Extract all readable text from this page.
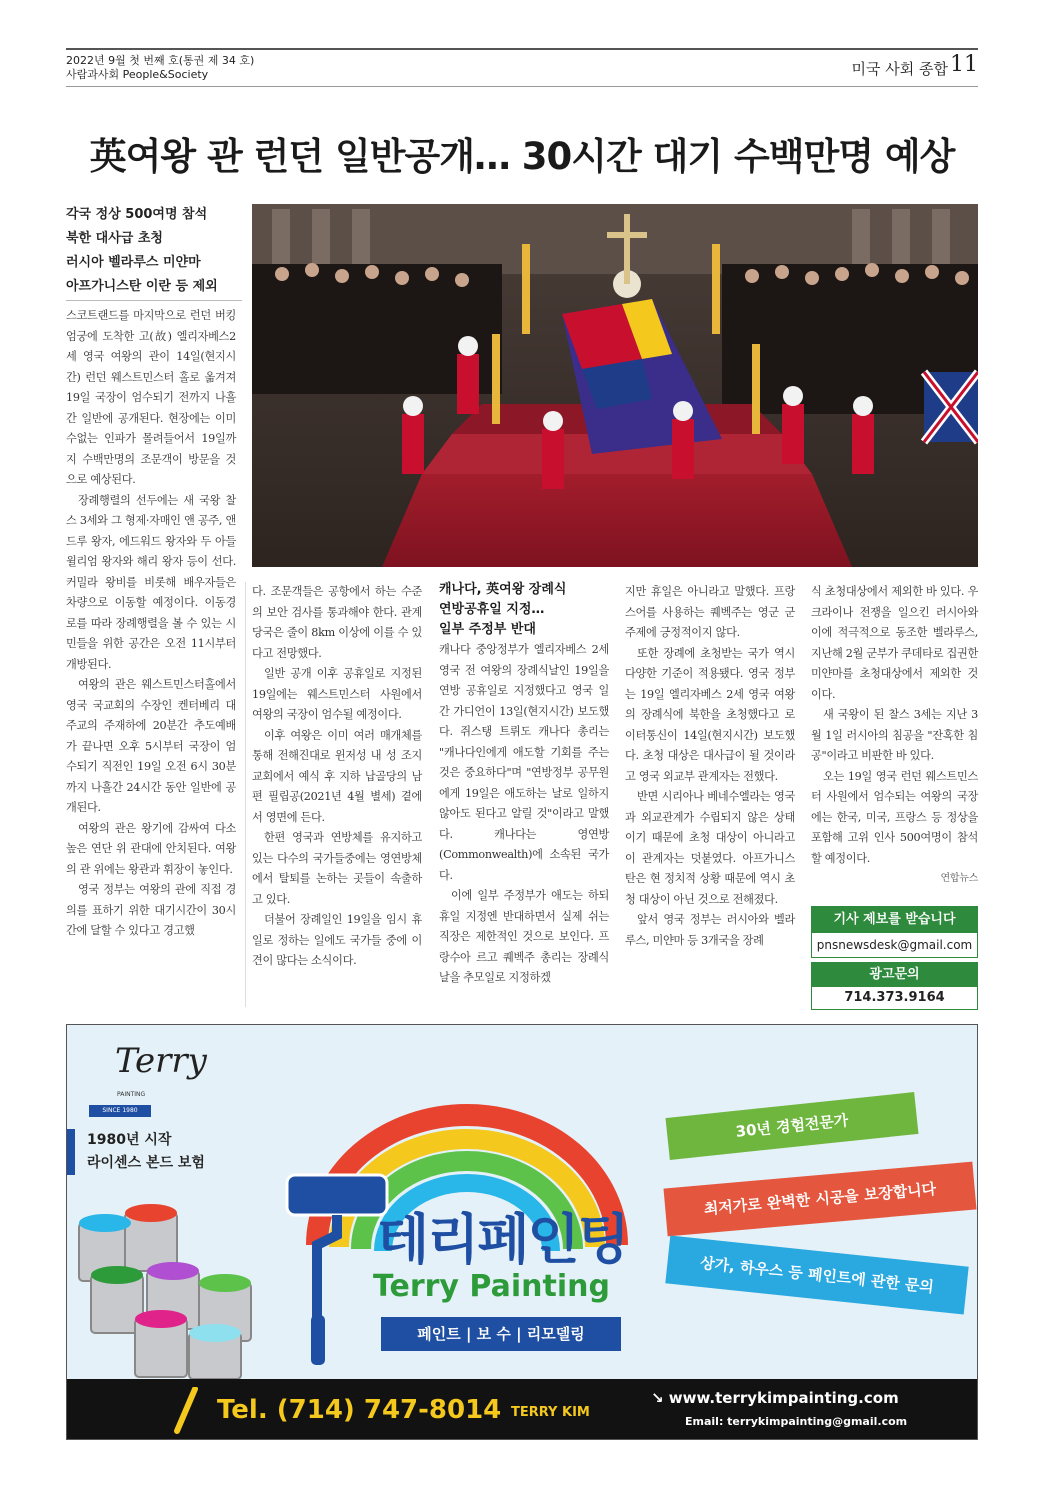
2022년 9월 첫 번째 호(통권 제 34 호)
사람과사회 People&Society	미국 사회 종합 11
英여왕 관 런던 일반공개… 30시간 대기 수백만명 예상
각국 정상 500여명 참석
북한 대사급 초청
러시아 벨라루스 미얀마
아프가니스탄 이란 등 제외

스코트랜드를 마지막으로 런던 버킹엄궁에 도착한 고(故) 엘리자베스2세 영국 여왕의 관이 14일(현지시간) 런던 웨스트민스터 홀로 옮겨져 19일 국장이 엄수되기 전까지 나흘간 일반에 공개된다. 현장에는 이미 수없는 인파가 몰려들어서 19일까지 수백만명의 조문객이 방문을 것으로 예상된다.

장례행렬의 선두에는 새 국왕 찰스 3세와 그 형제·자매인 앤 공주, 앤드루 왕자, 에드워드 왕자와 두 아들 윌리엄 왕자와 해리 왕자 등이 선다. 커밀라 왕비를 비롯해 배우자들은 차량으로 이동할 예정이다. 이동경로를 따라 장례행렬을 볼 수 있는 시민들을 위한 공간은 오전 11시부터 개방된다.

여왕의 관은 웨스트민스터홀에서 영국 국교회의 수장인 켄터베리 대주교의 주재하에 20분간 추도예배가 끝나면 오후 5시부터 국장이 엄수되기 직전인 19일 오전 6시 30분까지 나흘간 24시간 동안 일반에 공개된다.

여왕의 관은 왕기에 감싸여 다소 높은 연단 위 관대에 안치된다. 여왕의 관 위에는 왕관과 휘장이 놓인다.

영국 정부는 여왕의 관에 직접 경의를 표하기 위한 대기시간이 30시간에 달할 수 있다고 경고했

다. 조문객들은 공항에서 하는 수준의 보안 검사를 통과해야 한다. 관계당국은 줄이 8km 이상에 이를 수 있다고 전망했다.

일반 공개 이후 공휴일로 지정된 19일에는 웨스트민스터 사원에서 여왕의 국장이 엄수될 예정이다.

이후 여왕은 이미 여러 매개체를 통해 전해진대로 윈저성 내 성 조지 교회에서 예식 후 지하 납골당의 남편 필립공(2021년 4월 별세) 곁에서 영면에 든다.

한편 영국과 연방체를 유지하고 있는 다수의 국가들중에는 영연방체에서 탈퇴를 논하는 곳들이 속출하고 있다.

더불어 장례일인 19일을 임시 휴일로 정하는 일에도 국가들 중에 이견이 많다는 소식이다.

캐나다, 英여왕 장례식
연방공휴일 지정…
일부 주정부 반대

캐나다 중앙정부가 엘리자베스 2세 영국 전 여왕의 장례식날인 19일을 연방 공휴일로 지정했다고 영국 일간 가디언이 13일(현지시간) 보도했다. 쥐스탱 트뤼도 캐나다 총리는 "캐나다인에게 애도할 기회를 주는 것은 중요하다"며 "연방정부 공무원에게 19일은 애도하는 날로 일하지 않아도 된다고 알릴 것"이라고 말했다. 캐나다는 영연방(Commonwealth)에 소속된 국가다.

이에 일부 주정부가 애도는 하되 휴일 지정엔 반대하면서 실제 쉬는 직장은 제한적인 것으로 보인다. 프랑수아 르고 퀘벡주 총리는 장례식날을 추모일로 지정하겠

지만 휴일은 아니라고 말했다. 프랑스어를 사용하는 퀘벡주는 영군 군주제에 긍정적이지 않다.

또한 장례에 초청받는 국가 역시 다양한 기준이 적용됐다. 영국 정부는 19일 엘리자베스 2세 영국 여왕의 장례식에 북한을 초청했다고 로이터통신이 14일(현지시간) 보도했다. 초청 대상은 대사급이 될 것이라고 영국 외교부 관계자는 전했다.

반면 시리아나 베네수엘라는 영국과 외교관계가 수립되지 않은 상태이기 때문에 초청 대상이 아니라고 이 관계자는 덧붙였다. 아프가니스탄은 현 정치적 상황 때문에 역시 초청 대상이 아닌 것으로 전해졌다.

앞서 영국 정부는 러시아와 벨라루스, 미얀마 등 3개국을 장례

식 초청대상에서 제외한 바 있다. 우크라이나 전쟁을 일으킨 러시아와 이에 적극적으로 동조한 벨라루스, 지난해 2월 군부가 쿠데타로 집권한 미얀마를 초청대상에서 제외한 것이다.

새 국왕이 된 찰스 3세는 지난 3월 1일 러시아의 침공을 "잔혹한 침공"이라고 비판한 바 있다.

오는 19일 영국 런던 웨스트민스터 사원에서 엄수되는 여왕의 국장에는 한국, 미국, 프랑스 등 정상을 포함해 고위 인사 500여명이 참석할 예정이다.

연합뉴스
기사 제보를 받습니다
pnsnewsdesk@gmail.com
광고문의
714.373.9164
Terry
PAINTING
SINCE 1980
1980년 시작
라이센스 본드 보험
테리페인팅
Terry Painting
페인트 | 보 수 | 리모델링
30년 경험전문가
최저가로 완벽한 시공을 보장합니다
상가, 하우스 등 페인트에 관한 문의
Tel. (714) 747-8014 TERRY KIM
↘ www.terrykimpainting.com
Email: terrykimpainting@gmail.com
